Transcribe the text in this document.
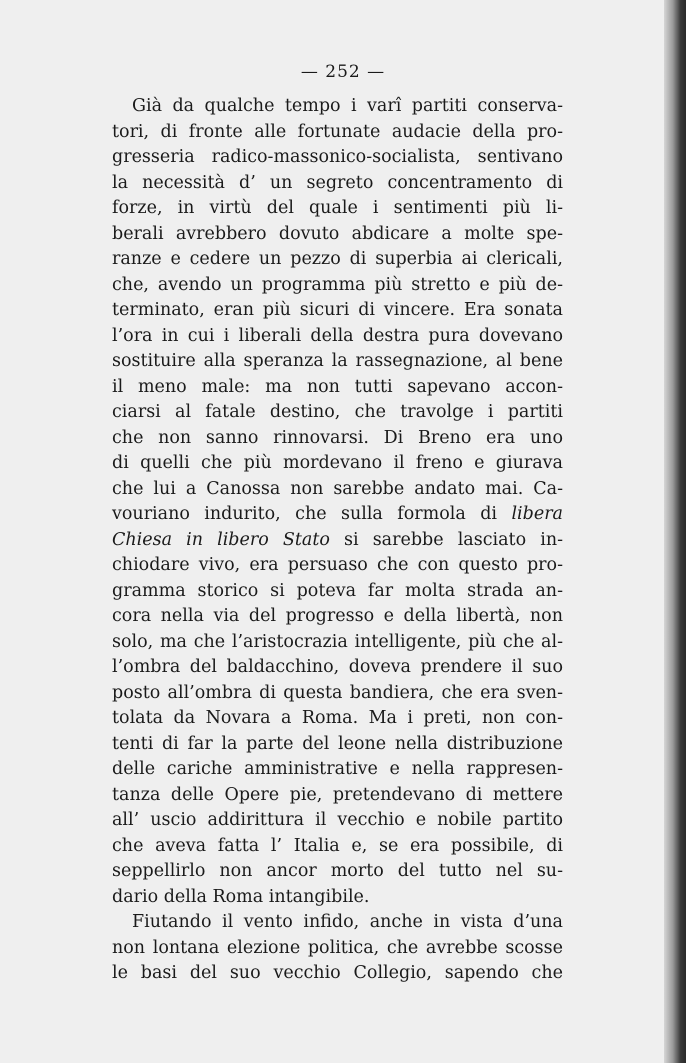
— 252 —
Già da qualche tempo i varî partiti conserva-
tori, di fronte alle fortunate audacie della pro-
gresseria radico-massonico-socialista, sentivano
la necessità d’ un segreto concentramento di
forze, in virtù del quale i sentimenti più li-
berali avrebbero dovuto abdicare a molte spe-
ranze e cedere un pezzo di superbia ai clericali,
che, avendo un programma più stretto e più de-
terminato, eran più sicuri di vincere. Era sonata
l’ora in cui i liberali della destra pura dovevano
sostituire alla speranza la rassegnazione, al bene
il meno male: ma non tutti sapevano accon-
ciarsi al fatale destino, che travolge i partiti
che non sanno rinnovarsi. Di Breno era uno
di quelli che più mordevano il freno e giurava
che lui a Canossa non sarebbe andato mai. Ca-
vouriano indurito, che sulla formola di libera
Chiesa in libero Stato si sarebbe lasciato in-
chiodare vivo, era persuaso che con questo pro-
gramma storico si poteva far molta strada an-
cora nella via del progresso e della libertà, non
solo, ma che l’aristocrazia intelligente, più che al-
l’ombra del baldacchino, doveva prendere il suo
posto all’ombra di questa bandiera, che era sven-
tolata da Novara a Roma. Ma i preti, non con-
tenti di far la parte del leone nella distribuzione
delle cariche amministrative e nella rappresen-
tanza delle Opere pie, pretendevano di mettere
all’ uscio addirittura il vecchio e nobile partito
che aveva fatta l’ Italia e, se era possibile, di
seppellirlo non ancor morto del tutto nel su-
dario della Roma intangibile.
Fiutando il vento infido, anche in vista d’una
non lontana elezione politica, che avrebbe scosse
le basi del suo vecchio Collegio, sapendo che
